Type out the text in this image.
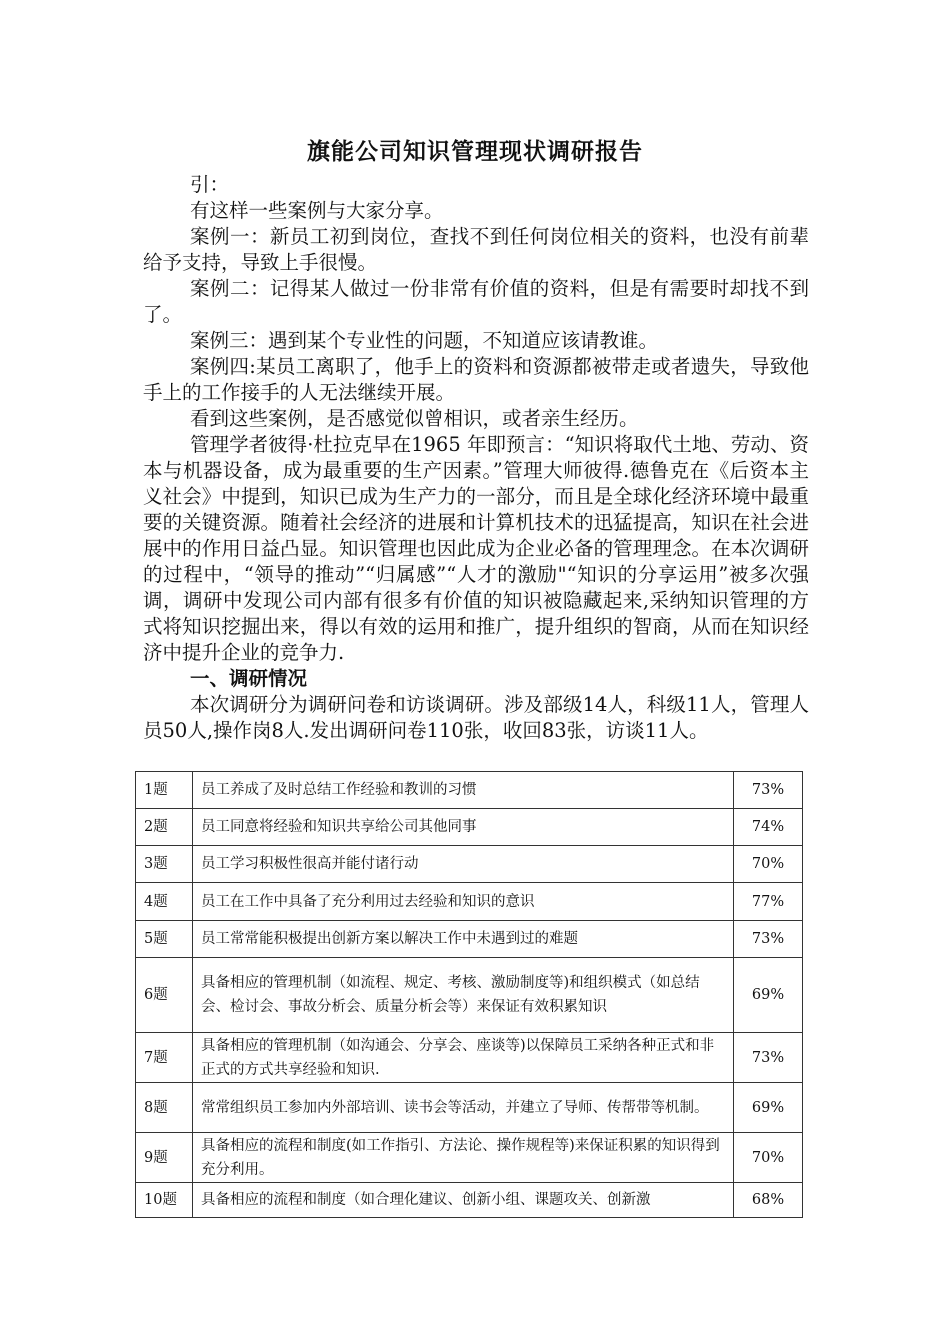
旗能公司知识管理现状调研报告

引：

有这样一些案例与大家分享。

案例一：新员工初到岗位，查找不到任何岗位相关的资料，也没有前辈给予支持，导致上手很慢。

案例二：记得某人做过一份非常有价值的资料，但是有需要时却找不到了。

案例三：遇到某个专业性的问题，不知道应该请教谁。

案例四:某员工离职了，他手上的资料和资源都被带走或者遗失，导致他手上的工作接手的人无法继续开展。

看到这些案例，是否感觉似曾相识，或者亲生经历。

管理学者彼得·杜拉克早在1965 年即预言：“知识将取代土地、劳动、资本与机器设备，成为最重要的生产因素。”管理大师彼得.德鲁克在《后资本主义社会》中提到，知识已成为生产力的一部分，而且是全球化经济环境中最重要的关键资源。随着社会经济的进展和计算机技术的迅猛提高，知识在社会进展中的作用日益凸显。知识管理也因此成为企业必备的管理理念。在本次调研的过程中，“领导的推动”“归属感”“人才的激励"“知识的分享运用”被多次强调，调研中发现公司内部有很多有价值的知识被隐藏起来,采纳知识管理的方式将知识挖掘出来，得以有效的运用和推广，提升组织的智商，从而在知识经济中提升企业的竞争力.

一、调研情况

本次调研分为调研问卷和访谈调研。涉及部级14人，科级11人，管理人员50人,操作岗8人.发出调研问卷110张，收回83张，访谈11人。

1题	员工养成了及时总结工作经验和教训的习惯	73%
2题	员工同意将经验和知识共享给公司其他同事	74%
3题	员工学习积极性很高并能付诸行动	70%
4题	员工在工作中具备了充分利用过去经验和知识的意识	77%
5题	员工常常能积极提出创新方案以解决工作中未遇到过的难题	73%
6题	具备相应的管理机制（如流程、规定、考核、激励制度等)和组织模式（如总结会、检讨会、事故分析会、质量分析会等）来保证有效积累知识	69%
7题	具备相应的管理机制（如沟通会、分享会、座谈等)以保障员工采纳各种正式和非正式的方式共享经验和知识.	73%
8题	常常组织员工参加内外部培训、读书会等活动，并建立了导师、传帮带等机制。	69%
9题	具备相应的流程和制度(如工作指引、方法论、操作规程等)来保证积累的知识得到充分利用。	70%
10题	具备相应的流程和制度（如合理化建议、创新小组、课题攻关、创新激	68%
